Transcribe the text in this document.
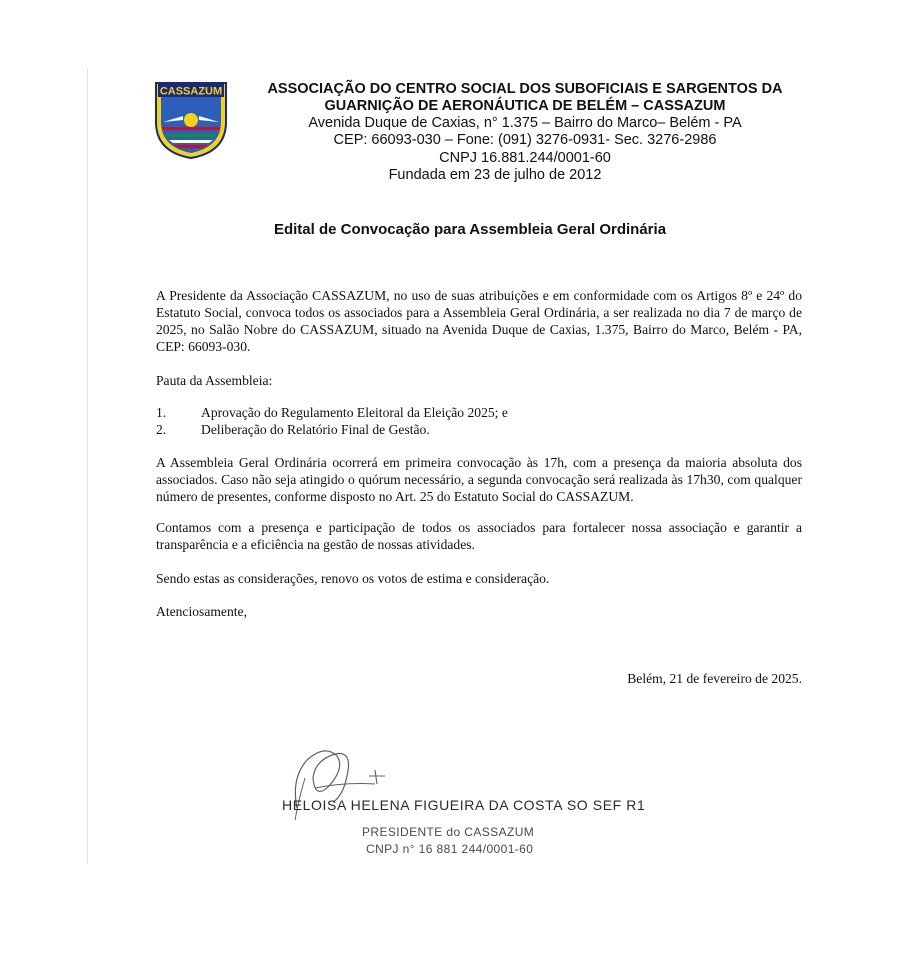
CASSAZUM	ASSOCIAÇÃO DO CENTRO SOCIAL DOS SUBOFICIAIS E SARGENTOS DA
GUARNIÇÃO DE AERONÁUTICA DE BELÉM – CASSAZUM
Avenida Duque de Caxias, n° 1.375 – Bairro do Marco– Belém - PA
CEP: 66093-030 – Fone: (091) 3276-0931- Sec. 3276-2986
CNPJ 16.881.244/0001-60
Fundada em 23 de julho de 2012
Edital de Convocação para Assembleia Geral Ordinária
A Presidente da Associação CASSAZUM, no uso de suas atribuições e em conformidade com os Artigos 8º e 24º do Estatuto Social, convoca todos os associados para a Assembleia Geral Ordinária, a ser realizada no dia 7 de março de 2025, no Salão Nobre do CASSAZUM, situado na Avenida Duque de Caxias, 1.375, Bairro do Marco, Belém - PA, CEP: 66093-030.
Pauta da Assembleia:
1.	Aprovação do Regulamento Eleitoral da Eleição 2025; e
2.	Deliberação do Relatório Final de Gestão.
A Assembleia Geral Ordinária ocorrerá em primeira convocação às 17h, com a presença da maioria absoluta dos associados. Caso não seja atingido o quórum necessário, a segunda convocação será realizada às 17h30, com qualquer número de presentes, conforme disposto no Art. 25 do Estatuto Social do CASSAZUM.
Contamos com a presença e participação de todos os associados para fortalecer nossa associação e garantir a transparência e a eficiência na gestão de nossas atividades.
Sendo estas as considerações, renovo os votos de estima e consideração.
Atenciosamente,
Belém, 21 de fevereiro de 2025.
HELOISA HELENA FIGUEIRA DA COSTA SO SEF R1
PRESIDENTE do CASSAZUM
CNPJ n° 16 881 244/0001-60
